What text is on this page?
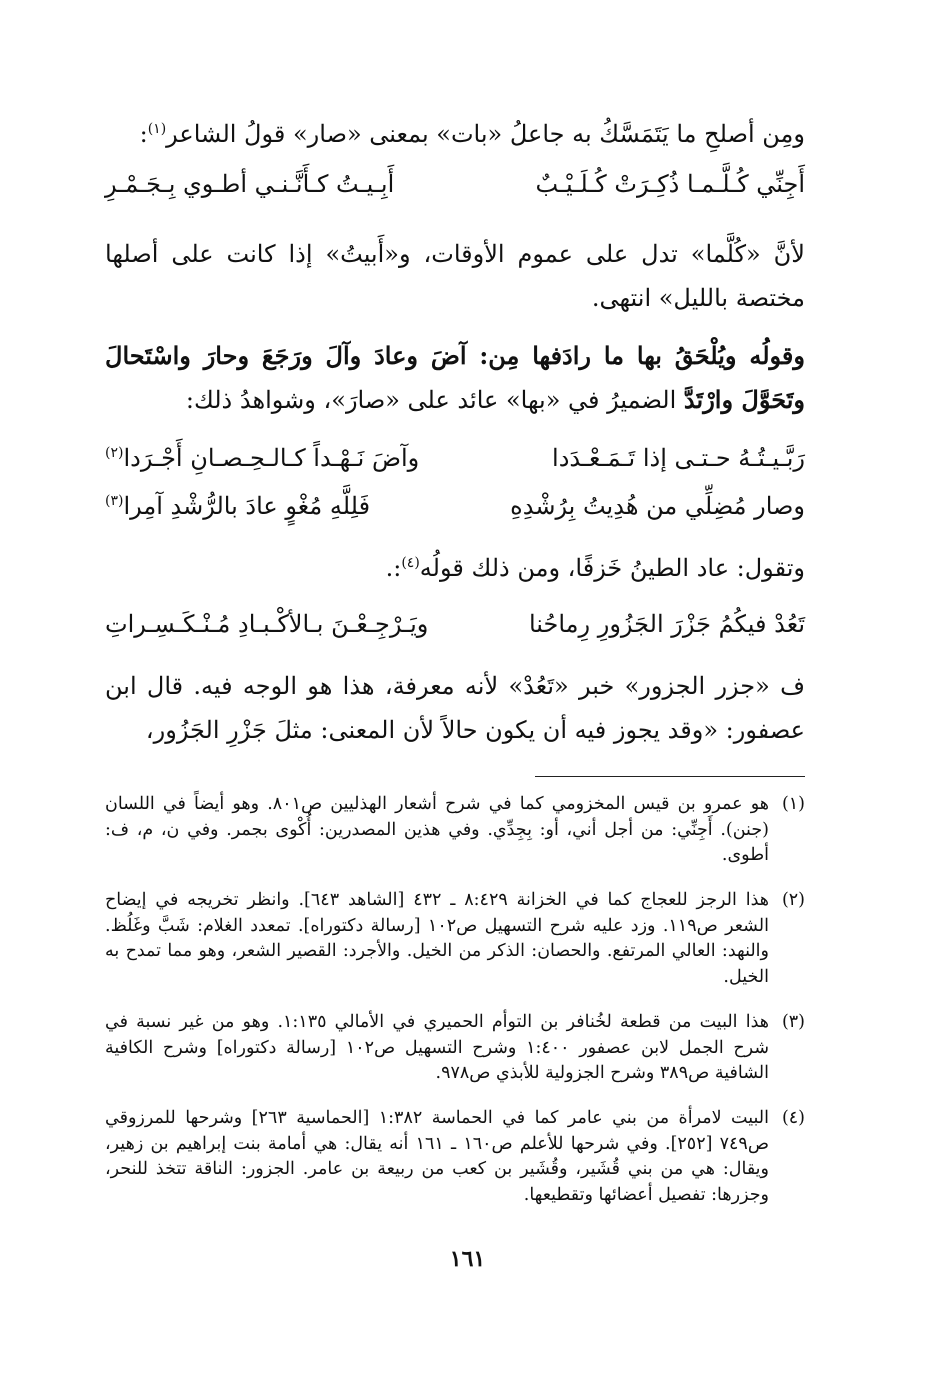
ومِن أصلحِ ما يَتَمَسَّكُ به جاعلُ «بات» بمعنى «صار» قولُ الشاعر$^{(١)}$:
أَجِنِّي كُـلَّـمـا ذُكِـرَتْ كُـلَـيْـبٌ
أَبِـيـتُ كـأَنَّـنـي أطـوي بِـجَـمْـرِ
لأنَّ «كُلَّما» تدل على عموم الأوقات، و«أَبيتُ» إذا كانت على أصلها مختصة بالليل» انتهى.
وقولُه ويُلْحَقُ بها ما رادَفها مِن: آضَ وعادَ وآلَ ورَجَعَ وحارَ واسْتَحالَ وتَحَوَّلَ وارْتَدَّ الضميرُ في «بها» عائد على «صارَ»، وشواهدُ ذلك:
رَبَّـيـتُـهُ حـتـى إذا تَـمَـعْـدَدا
وآضَ نَـهْـداً كـالـحِـصـانِ أَجْـرَدا$^{(٢)}$
وصار مُضِلِّي من هُدِيتُ بِرُشْدِهِ
فَلِلَّهِ مُغْوٍ عادَ بالرُّشْدِ آمِرا$^{(٣)}$
وتقول: عاد الطينُ خَزفًا، ومن ذلك قولُه$^{(٤)}$:.
تَعُدْ فيكُمُ جَزْرَ الجَزُورِ رِماحُنا
ويَـرْجِـعْـنَ بـالأكْـبـادِ مُـنْـكَـسِـراتِ
ف «جزر الجزور» خبر «تَعُدْ» لأنه معرفة، هذا هو الوجه فيه. قال ابن عصفور: «وقد يجوز فيه أن يكون حالاً لأن المعنى: مثلَ جَزْرِ الجَزُور،
(١)
هو عمرو بن قيس المخزومي كما في شرح أشعار الهذليين ص٨٠١. وهو أيضاً في اللسان (جنن). أَجِنِّي: من أجل أني، أو: بِجِدِّي. وفي هذين المصدرين: أُكْوى بجمر. وفي ن، م، ف: أطوى.
(٢)
هذا الرجز للعجاج كما في الخزانة ٨:٤٢٩ ـ ٤٣٢ [الشاهد ٦٤٣]. وانظر تخريجه في إيضاح الشعر ص١١٩. وزد عليه شرح التسهيل ص١٠٢ [رسالة دكتوراه]. تمعدد الغلام: شَبَّ وغَلُظ. والنهد: العالي المرتفع. والحصان: الذكر من الخيل. والأجرد: القصير الشعر، وهو مما تمدح به الخيل.
(٣)
هذا البيت من قطعة لخُنافر بن التوأم الحميري في الأمالي ١:١٣٥. وهو من غير نسبة في شرح الجمل لابن عصفور ١:٤٠٠ وشرح التسهيل ص١٠٢ [رسالة دكتوراه] وشرح الكافية الشافية ص٣٨٩ وشرح الجزولية للأبذي ص٩٧٨.
(٤)
البيت لامرأة من بني عامر كما في الحماسة ١:٣٨٢ [الحماسية ٢٦٣] وشرحها للمرزوقي ص٧٤٩ [٢٥٢]. وفي شرحها للأعلم ص١٦٠ ـ ١٦١ أنه يقال: هي أمامة بنت إبراهيم بن زهير، ويقال: هي من بني قُشَير، وقُشَير بن كعب من ربيعة بن عامر. الجزور: الناقة تتخذ للنحر، وجزرها: تفصيل أعضائها وتقطيعها.
١٦١
